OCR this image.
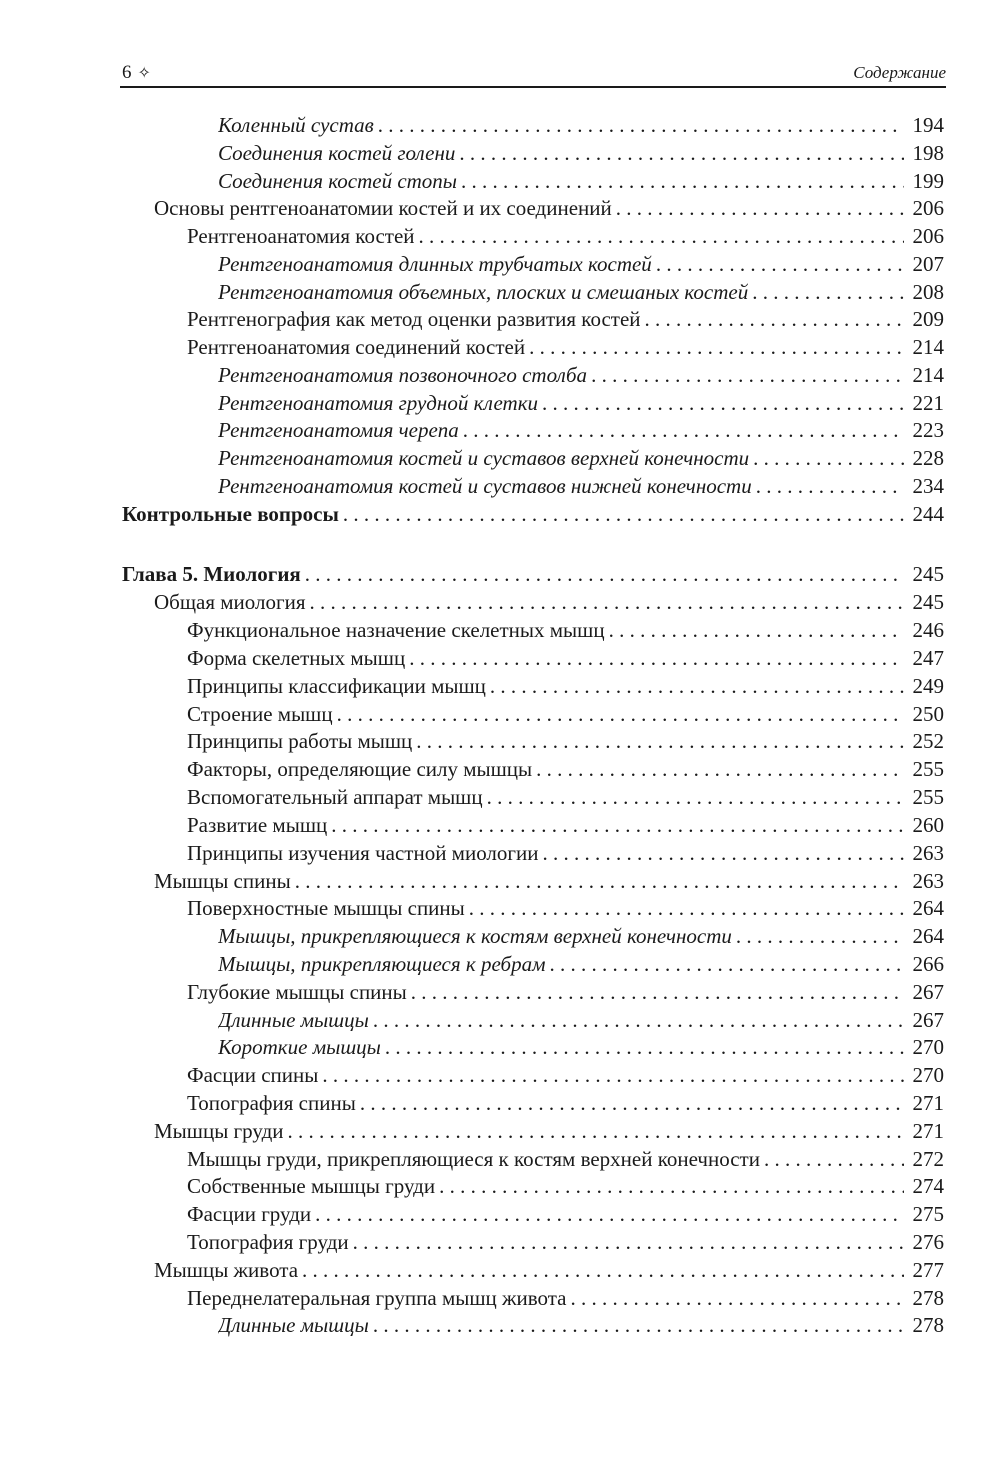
6 ✧	Содержание
Коленный сустав . . .	194
Соединения костей голени . . .	198
Соединения костей стопы . . .	199
Основы рентгеноанатомии костей и их соединений . . .	206
Рентгеноанатомия костей . . .	206
Рентгеноанатомия длинных трубчатых костей . . .	207
Рентгеноанатомия объемных, плоских и смешаных костей . . .	208
Рентгенография как метод оценки развития костей . . .	209
Рентгеноанатомия соединений костей . . .	214
Рентгеноанатомия позвоночного столба . . .	214
Рентгеноанатомия грудной клетки . . .	221
Рентгеноанатомия черепа . . .	223
Рентгеноанатомия костей и суставов верхней конечности . . .	228
Рентгеноанатомия костей и суставов нижней конечности . . .	234
Контрольные вопросы . . .	244
Глава 5. Миология . . .	245
Общая миология . . .	245
Функциональное назначение скелетных мышц . . .	246
Форма скелетных мышц . . .	247
Принципы классификации мышц . . .	249
Строение мышц . . .	250
Принципы работы мышц . . .	252
Факторы, определяющие силу мышцы . . .	255
Вспомогательный аппарат мышц . . .	255
Развитие мышц . . .	260
Принципы изучения частной миологии . . .	263
Мышцы спины . . .	263
Поверхностные мышцы спины . . .	264
Мышцы, прикрепляющиеся к костям верхней конечности . . .	264
Мышцы, прикрепляющиеся к ребрам . . .	266
Глубокие мышцы спины . . .	267
Длинные мышцы . . .	267
Короткие мышцы . . .	270
Фасции спины . . .	270
Топография спины . . .	271
Мышцы груди . . .	271
Мышцы груди, прикрепляющиеся к костям верхней конечности . . .	272
Собственные мышцы груди . . .	274
Фасции груди . . .	275
Топография груди . . .	276
Мышцы живота . . .	277
Переднелатеральная группа мышц живота . . .	278
Длинные мышцы . . .	278
